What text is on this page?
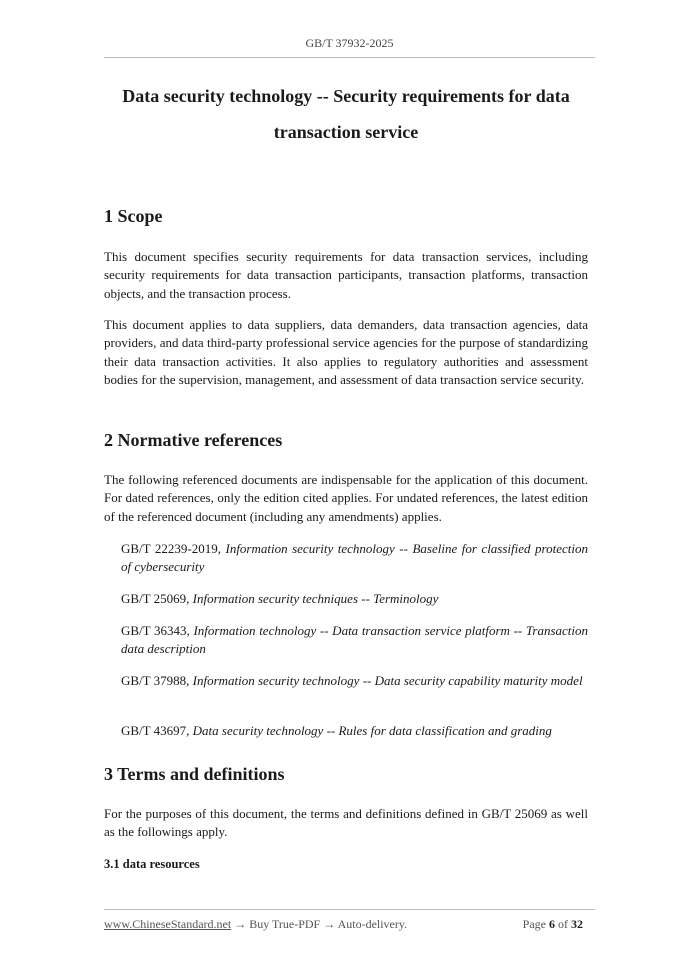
GB/T 37932-2025
Data security technology -- Security requirements for data
transaction service
1 Scope

This document specifies security requirements for data transaction services, including security requirements for data transaction participants, transaction platforms, transaction objects, and the transaction process.

This document applies to data suppliers, data demanders, data transaction agencies, data providers, and data third-party professional service agencies for the purpose of standardizing their data transaction activities. It also applies to regulatory authorities and assessment bodies for the supervision, management, and assessment of data transaction service security.

2 Normative references

The following referenced documents are indispensable for the application of this document. For dated references, only the edition cited applies. For undated references, the latest edition of the referenced document (including any amendments) applies.

GB/T 22239-2019, Information security technology -- Baseline for classified protection of cybersecurity

GB/T 25069, Information security techniques -- Terminology

GB/T 36343, Information technology -- Data transaction service platform -- Transaction data description

GB/T 37988, Information security technology -- Data security capability maturity model

GB/T 43697, Data security technology -- Rules for data classification and grading

3 Terms and definitions

For the purposes of this document, the terms and definitions defined in GB/T 25069 as well as the followings apply.

3.1 data resources
www.ChineseStandard.net → Buy True-PDF → Auto-delivery.	Page 6 of 32
